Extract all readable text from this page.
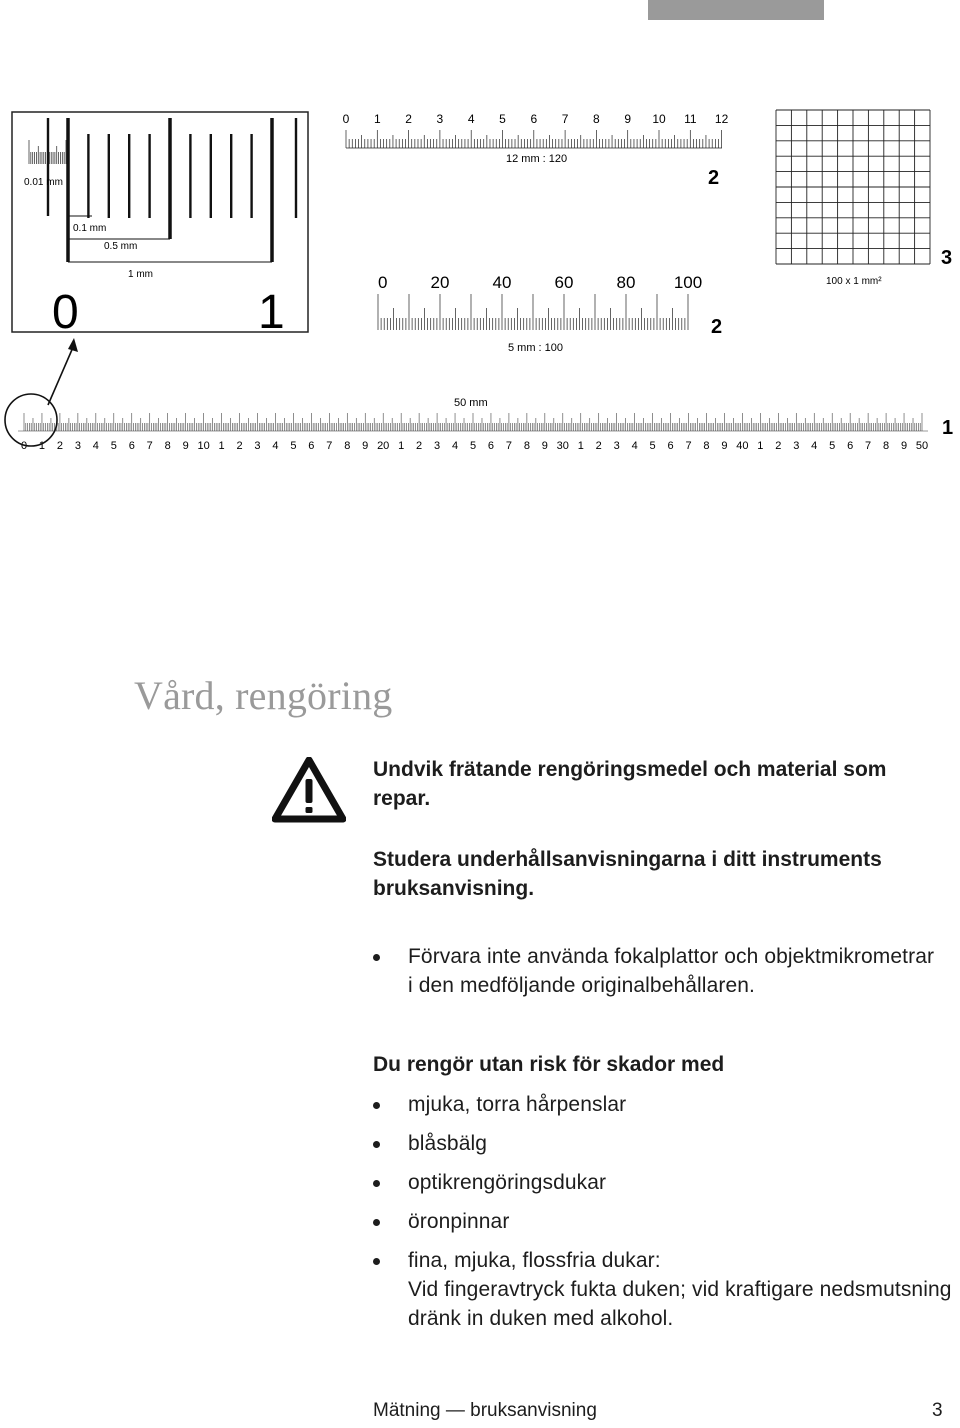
0.01 mm
0.1 mm
0.5 mm
1 mm
0	1
0 1 2 3 4 5 6 7 8 9 10 11 12
12 mm : 120
2
0	20	40	60	80 100
5 mm : 100
2
100 x 1 mm²
3
50 mm
0 1 2 3 4 5 6 7 8 9 10 1 2 3 4 5 6 7 8 9 20 1 2 3 4 5 6 7 8 9 30 1 2 3 4 5 6 7 8 9 40 1 2 3 4 5 6 7 8 9 50
1
Vård, rengöring

Undvik frätande rengöringsmedel och material som repar.

Studera underhållsanvisningarna i ditt instruments bruksanvisning.

Förvara inte använda fokalplattor och objektmikrometrar i den medföljande originalbehållaren.

Du rengör utan risk för skador med

mjuka, torra hårpenslar
blåsbälg
optikrengöringsdukar
öronpinnar
fina, mjuka, flossfria dukar:
Vid fingeravtryck fukta duken; vid kraftigare nedsmutsning dränk in duken med alkohol.

Mätning — bruksanvisning	3
